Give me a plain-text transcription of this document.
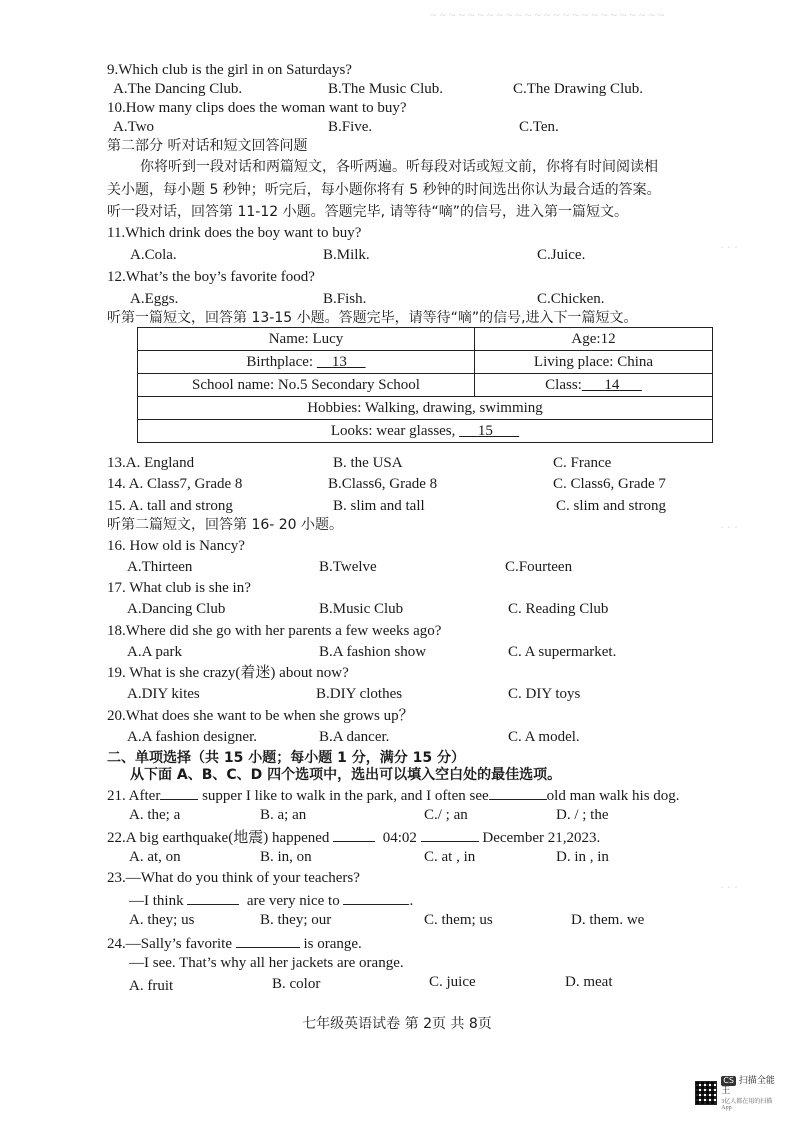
~ ~ ~ ~ ~ ~ ~ ~ ~ ~ ~ ~ ~ ~ ~ ~ ~ ~ ~ ~ ~ ~ ~ ~ ~
· · ·
· · ·
· · ·
9.Which club is the girl in on Saturdays?
A.The Dancing Club.	B.The Music Club.	C.The Drawing Club.
10.How many clips does the woman want to buy?
A.Two	B.Five.	C.Ten.
第二部分 听对话和短文回答问题
你将听到一段对话和两篇短文，各听两遍。听每段对话或短文前，你将有时间阅读相
关小题，每小题 5 秒钟；听完后，每小题你将有 5 秒钟的时间选出你认为最合适的答案。
听一段对话，回答第 11-12 小题。答题完毕, 请等待“嘀”的信号，进入第一篇短文。
11.Which drink does the boy want to buy?
A.Cola.	B.Milk.	C.Juice.
12.What’s the boy’s favorite food?
A.Eggs.	B.Fish.	C.Chicken.
听第一篇短文，回答第 13-15 小题。答题完毕，请等待“嘀”的信号,进入下一篇短文。
Name: Lucy	Age:12
Birthplace: 13	Living place: China
School name: No.5 Secondary School	Class: 14
Hobbies: Walking, drawing, swimming	
Looks: wear glasses, 15	
13.A. England	B. the USA	C. France
14. A. Class7, Grade 8	B.Class6, Grade 8	C. Class6, Grade 7
15. A. tall and strong	B. slim and tall	C. slim and strong
听第二篇短文，回答第 16- 20 小题。
16. How old is Nancy?
A.Thirteen	B.Twelve	C.Fourteen
17. What club is she in?
A.Dancing Club	B.Music Club	C. Reading Club
18.Where did she go with her parents a few weeks ago?
A.A park	B.A fashion show	C. A supermarket.
19. What is she crazy(着迷) about now?
A.DIY kites	B.DIY clothes	C. DIY toys
20.What does she want to be when she grows up？
A.A fashion designer.	B.A dancer.	C. A model.
二、单项选择（共 15 小题；每小题 1 分，满分 15 分）
从下面 A、B、C、D 四个选项中，选出可以填入空白处的最佳选项。
21. After	supper I like to walk in the park, and I often see	old man walk his dog.
A. the; a	B. a; an	C./ ; an	D. / ; the
22.A big earthquake(地震) happened	04:02	December 21,2023.
A. at, on	B. in, on	C. at , in	D. in , in
23.—What do you think of your teachers?
—I think	are very nice to	.
A. they; us	B. they; our	C. them; us	D. them. we
24.—Sally’s favorite	is orange.
—I see. That’s why all her jackets are orange.
A. fruit	B. color	C. juice	D. meat
七年级英语试卷 第 2页 共 8页
CS 扫描全能王
3亿人都在用的扫描App
